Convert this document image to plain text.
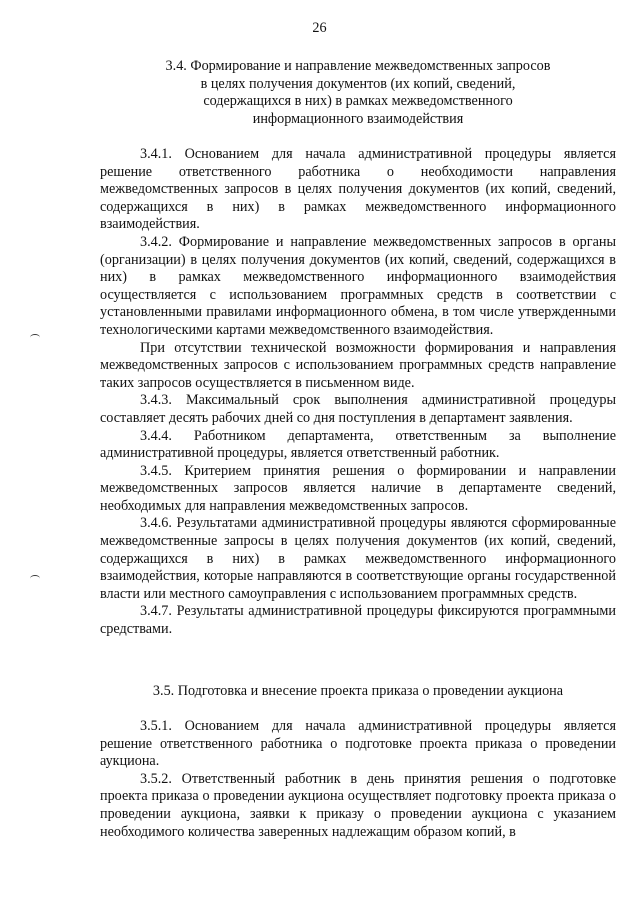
26
3.4. Формирование и направление межведомственных запросов
в целях получения документов (их копий, сведений,
содержащихся в них) в рамках межведомственного
информационного взаимодействия

3.4.1. Основанием для начала административной процедуры является решение ответственного работника о необходимости направления межведомственных запросов в целях получения документов (их копий, сведений, содержащихся в них) в рамках межведомственного информационного взаимодействия.

3.4.2. Формирование и направление межведомственных запросов в органы (организации) в целях получения документов (их копий, сведений, содержащихся в них) в рамках межведомственного информационного взаимодействия осуществляется с использованием программных средств в соответствии с установленными правилами информационного обмена, в том числе утвержденными технологическими картами межведомственного взаимодействия.

При отсутствии технической возможности формирования и направления межведомственных запросов с использованием программных средств направление таких запросов осуществляется в письменном виде.

3.4.3. Максимальный срок выполнения административной процедуры составляет десять рабочих дней со дня поступления в департамент заявления.

3.4.4. Работником департамента, ответственным за выполнение административной процедуры, является ответственный работник.

3.4.5. Критерием принятия решения о формировании и направлении межведомственных запросов является наличие в департаменте сведений, необходимых для направления межведомственных запросов.

3.4.6. Результатами административной процедуры являются сформированные межведомственные запросы в целях получения документов (их копий, сведений, содержащихся в них) в рамках межведомственного информационного взаимодействия, которые направляются в соответствующие органы государственной власти или местного самоуправления с использованием программных средств.

3.4.7. Результаты административной процедуры фиксируются программными средствами.

3.5. Подготовка и внесение проекта приказа о проведении аукциона

3.5.1. Основанием для начала административной процедуры является решение ответственного работника о подготовке проекта приказа о проведении аукциона.

3.5.2. Ответственный работник в день принятия решения о подготовке проекта приказа о проведении аукциона осуществляет подготовку проекта приказа о проведении аукциона, заявки к приказу о проведении аукциона с указанием необходимого количества заверенных надлежащим образом копий, в
